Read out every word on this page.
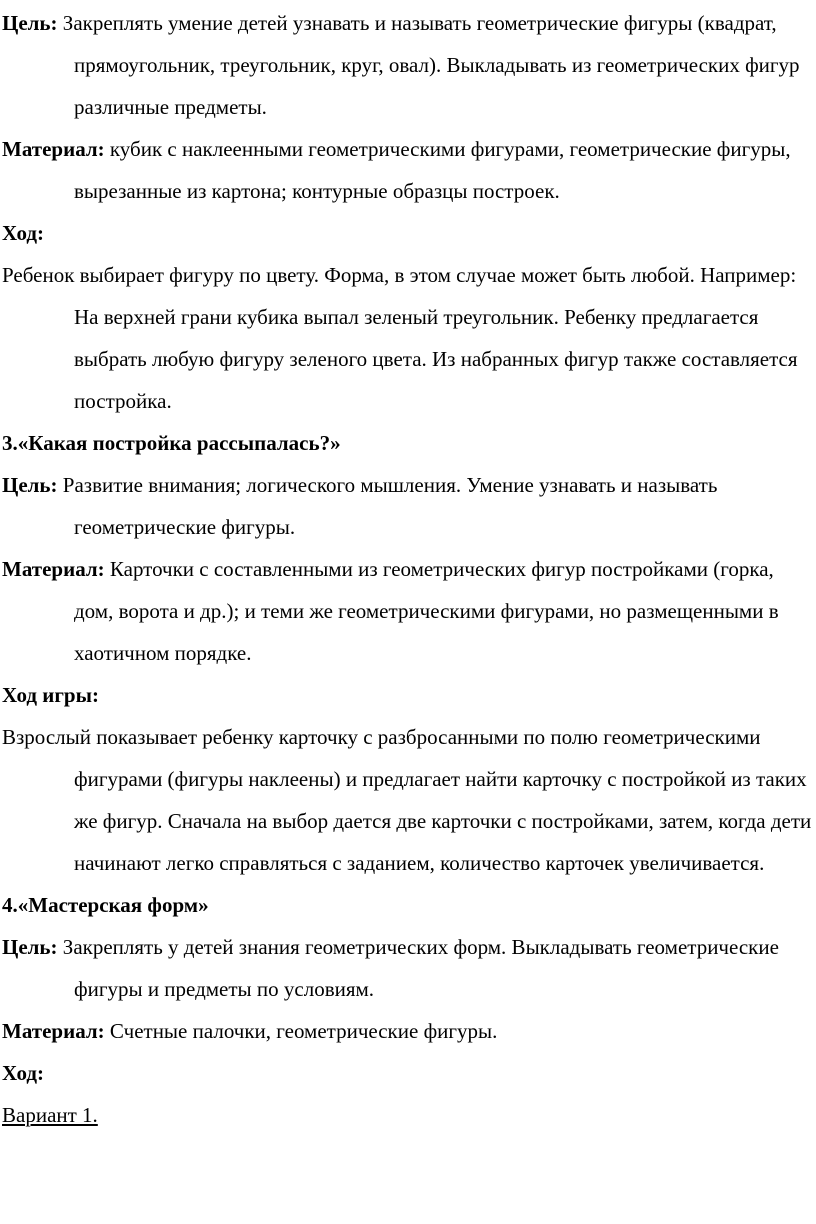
Цель: Закреплять умение детей узнавать и называть геометрические фигуры (квадрат, прямоугольник, треугольник, круг, овал). Выкладывать из геометрических фигур различные предметы.

Материал: кубик с наклеенными геометрическими фигурами, геометрические фигуры, вырезанные из картона; контурные образцы построек.

Ход:

Ребенок выбирает фигуру по цвету. Форма, в этом случае может быть любой. Например: На верхней грани кубика выпал зеленый треугольник. Ребенку предлагается выбрать любую фигуру зеленого цвета. Из набранных фигур также составляется постройка.

3.«Какая постройка рассыпалась?»

Цель: Развитие внимания; логического мышления. Умение узнавать и называть геометрические фигуры.

Материал: Карточки с составленными из геометрических фигур постройками (горка, дом, ворота и др.); и теми же геометрическими фигурами, но размещенными в хаотичном порядке.

Ход игры:

Взрослый показывает ребенку карточку с разбросанными по полю геометрическими фигурами (фигуры наклеены) и предлагает найти карточку с постройкой из таких же фигур. Сначала на выбор дается две карточки с постройками, затем, когда дети начинают легко справляться с заданием, количество карточек увеличивается.

4.«Мастерская форм»

Цель: Закреплять у детей знания геометрических форм. Выкладывать геометрические фигуры и предметы по условиям.

Материал: Счетные палочки, геометрические фигуры.

Ход:

Вариант 1.
